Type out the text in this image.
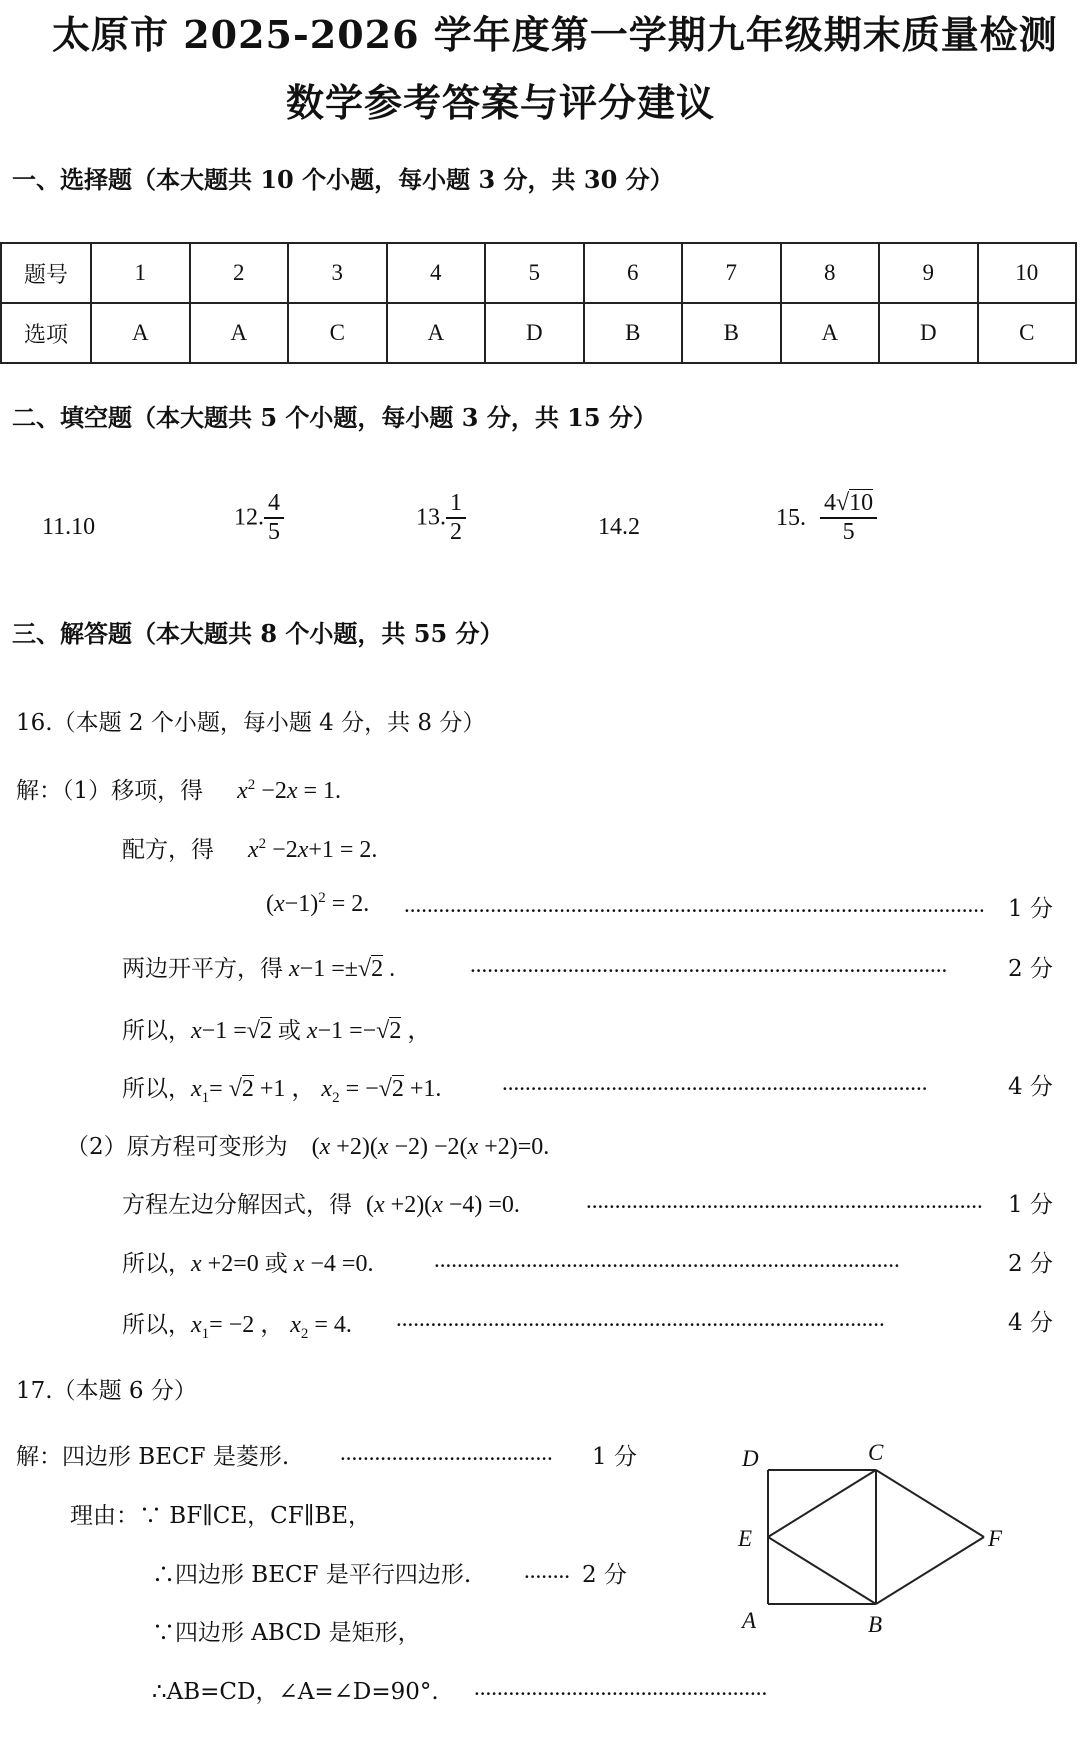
太原市 2025-2026 学年度第一学期九年级期末质量检测
数学参考答案与评分建议
一、选择题（本大题共 10 个小题，每小题 3 分，共 30 分）
题号	1	2	3	4	5	6	7	8	9	10
选项	A	A	C	A	D	B	B	A	D	C
二、填空题（本大题共 5 个小题，每小题 3 分，共 15 分）
11.10	12. $\frac{4}{5}$	13. $\frac{1}{2}$	14.2	15. $\frac{4√10}{5}$
三、解答题（本大题共 8 个小题，共 55 分）
16.（本题 2 个小题，每小题 4 分，共 8 分）
解：（1）移项，得 $x^2 -2x = 1$.
配方，得 $x^2 -2x+1 = 2$.
$(x-1)^2 = 2$. ..................................................................................................... 1 分
两边开平方，得 x−1 =±√2 .	...................................................................................	2 分
所以，x−1 =√2 或 x−1 =−√2 ，
所以，$x_1= √2 +1$ ， $x_2 = -√2 +1$.	..........................................................................	4 分
（2）原方程可变形为 (x +2)(x −2) −2(x +2)=0.
方程左边分解因式，得 (x +2)(x −4) =0.	..................................................................... 1 分
所以，x +2=0 或 x −4 =0.	.................................................................................	2 分
所以，$x_1= -2$ ， $x_2 = 4$. .....................................................................................	4 分
17.（本题 6 分）
解：四边形 BECF 是菱形. ..................................... 1 分
理由：∵ BF∥CE，CF∥BE，
∴四边形 BECF 是平行四边形. ........ 2 分
∵四边形 ABCD 是矩形，
∴AB=CD，∠A=∠D=90°. ...................................................
D	C
E	F
A	B
